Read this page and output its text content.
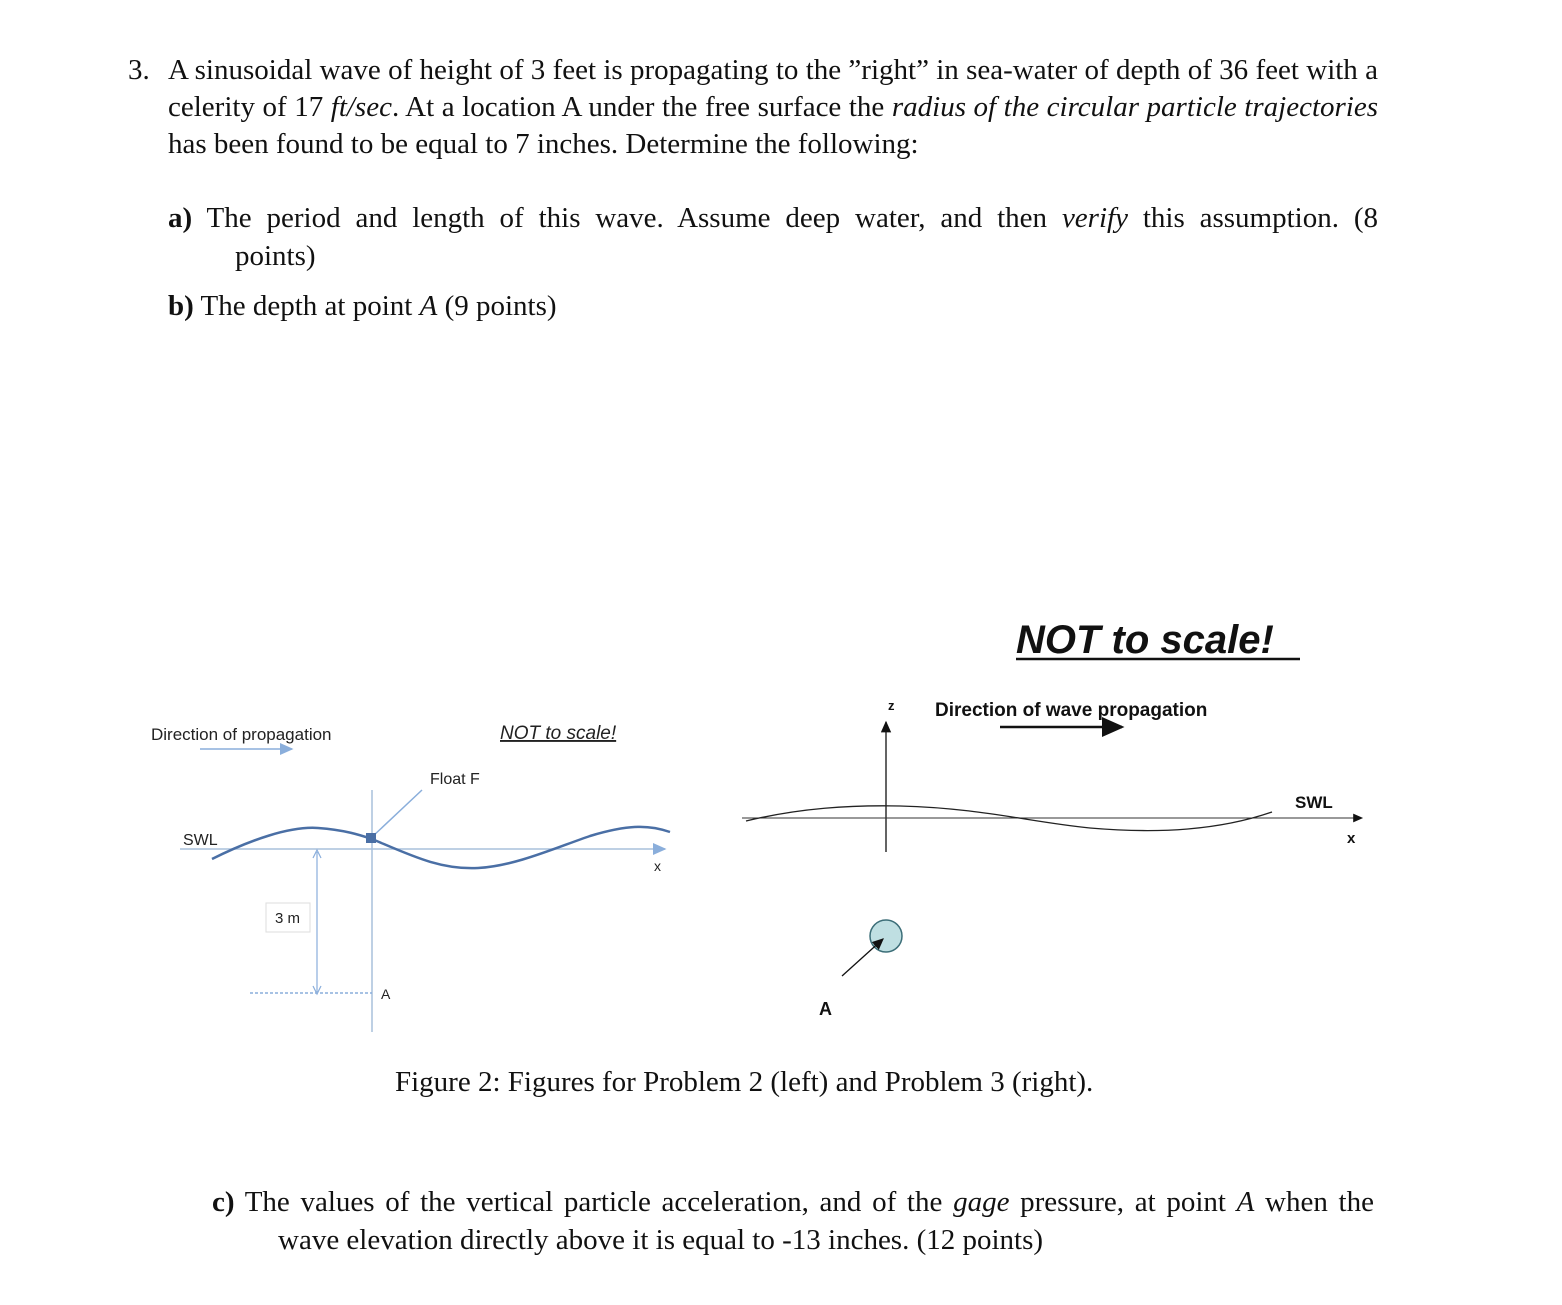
3. A sinusoidal wave of height of 3 feet is propagating to the ”right” in sea-water of depth of 36 feet with a celerity of 17 ft/sec. At a location A under the free surface the radius of the circular particle trajectories has been found to be equal to 7 inches. Determine the following:
a) The period and length of this wave. Assume deep water, and then verify this assumption. (8
points)
b) The depth at point A (9 points)
Direction of propagation	NOT to scale!
Float F
SWL
x
3 m
A
NOT to scale!
z Direction of wave propagation
SWL
x
A
Figure 2: Figures for Problem 2 (left) and Problem 3 (right).
c) The values of the vertical particle acceleration, and of the gage pressure, at point A when the
wave elevation directly above it is equal to -13 inches. (12 points)
